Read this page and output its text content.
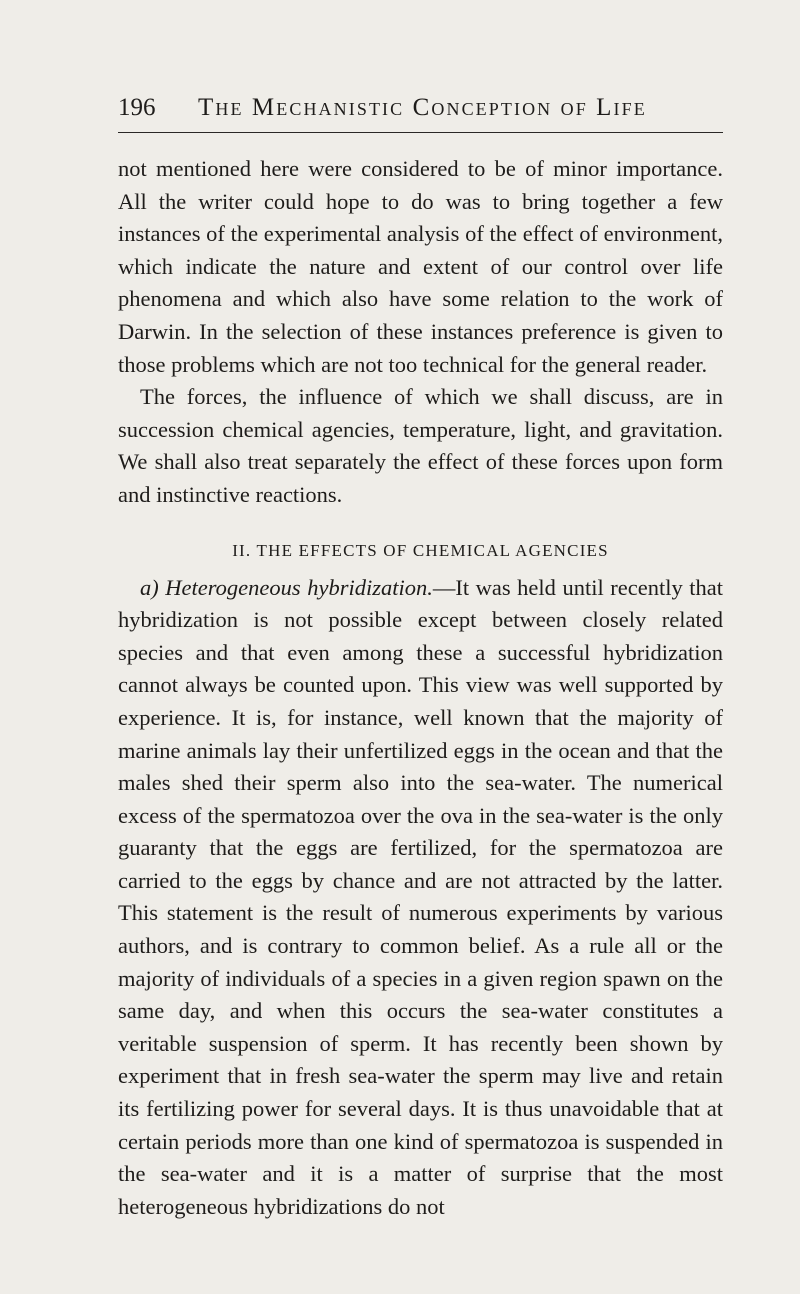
196 The Mechanistic Conception of Life

not mentioned here were considered to be of minor importance. All the writer could hope to do was to bring together a few instances of the experimental analysis of the effect of environment, which indicate the nature and extent of our control over life phenomena and which also have some relation to the work of Darwin. In the selection of these instances preference is given to those problems which are not too technical for the general reader.

The forces, the influence of which we shall discuss, are in succession chemical agencies, temperature, light, and gravitation. We shall also treat separately the effect of these forces upon form and instinctive reactions.

II. THE EFFECTS OF CHEMICAL AGENCIES

a) Heterogeneous hybridization.—It was held until recently that hybridization is not possible except between closely related species and that even among these a successful hybridization cannot always be counted upon. This view was well supported by experience. It is, for instance, well known that the majority of marine animals lay their unfertilized eggs in the ocean and that the males shed their sperm also into the sea-water. The numerical excess of the spermatozoa over the ova in the sea-water is the only guaranty that the eggs are fertilized, for the spermatozoa are carried to the eggs by chance and are not attracted by the latter. This statement is the result of numerous experiments by various authors, and is contrary to common belief. As a rule all or the majority of individuals of a species in a given region spawn on the same day, and when this occurs the sea-water constitutes a veritable suspension of sperm. It has recently been shown by experiment that in fresh sea-water the sperm may live and retain its fertilizing power for several days. It is thus unavoidable that at certain periods more than one kind of spermatozoa is suspended in the sea-water and it is a matter of surprise that the most heterogeneous hybridizations do not
